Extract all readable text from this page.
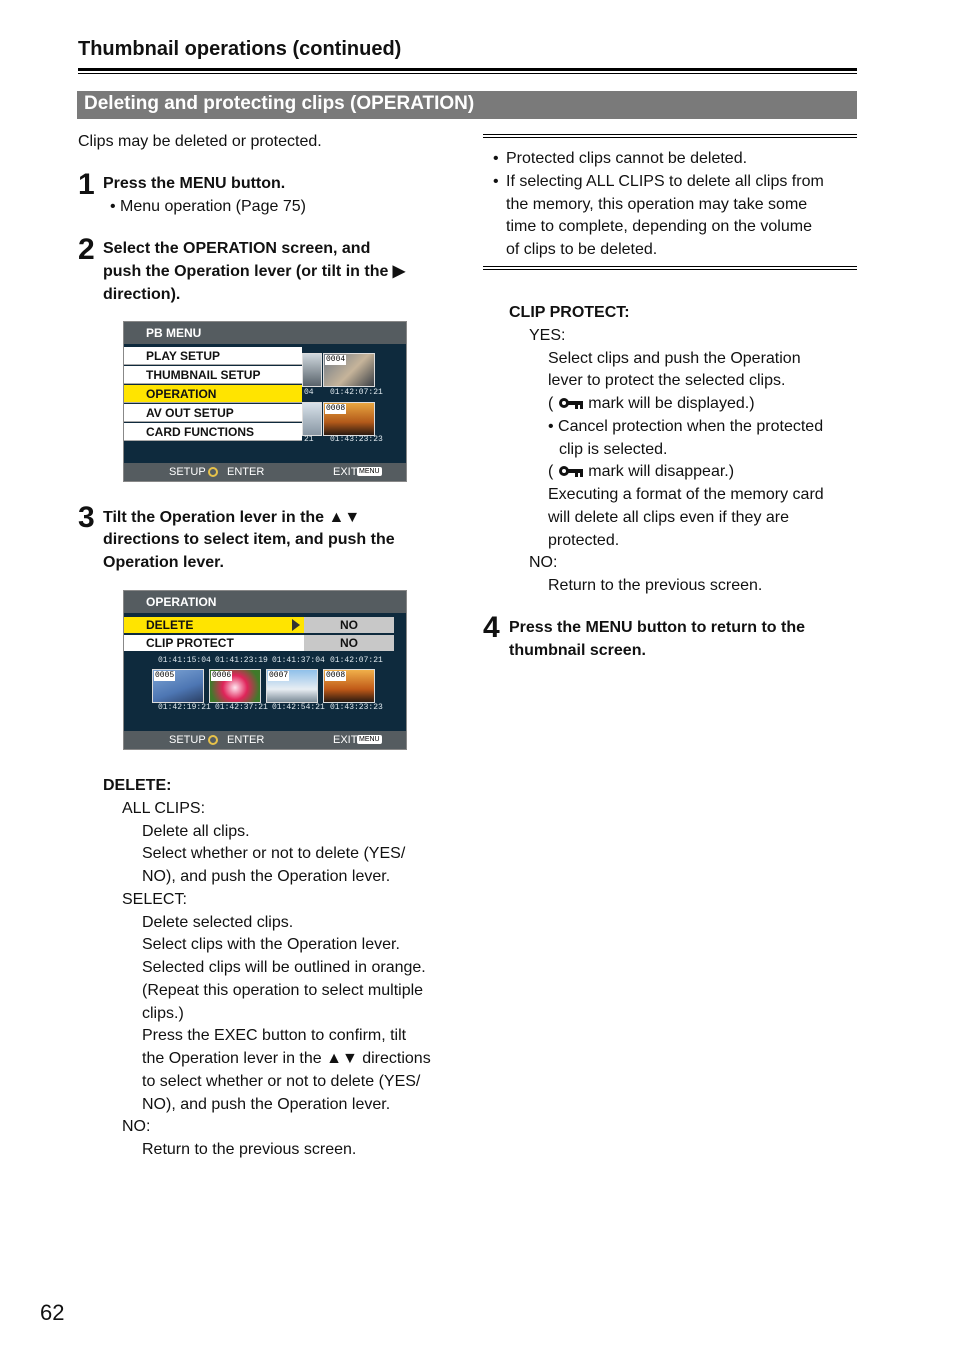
Thumbnail operations (continued)
Deleting and protecting clips (OPERATION)
Clips may be deleted or protected.
1 Press the MENU button.
• Menu operation (Page 75)
2 Select the OPERATION screen, and
push the Operation lever (or tilt in the ▶
direction).
PB MENU
0004
0008
04 01:42:07:21
21 01:43:23:23
PLAY SETUP
THUMBNAIL SETUP
OPERATION
AV OUT SETUP
CARD FUNCTIONS
SETUP ENTER	EXIT MENU
3 Tilt the Operation lever in the ▲▼
directions to select item, and push the
Operation lever.
OPERATION
DELETE	NO
CLIP PROTECT	NO
01:41:15:04 01:41:23:19 01:41:37:04 01:42:07:21
0005	0006	0007	0008
01:42:19:21 01:42:37:21 01:42:54:21 01:43:23:23
SETUP ENTER	EXIT MENU
DELETE:
ALL CLIPS:
Delete all clips.
Select whether or not to delete (YES/
NO), and push the Operation lever.
SELECT:
Delete selected clips.
Select clips with the Operation lever.
Selected clips will be outlined in orange.
(Repeat this operation to select multiple
clips.)
Press the EXEC button to confirm, tilt
the Operation lever in the ▲▼ directions
to select whether or not to delete (YES/
NO), and push the Operation lever.
NO:
Return to the previous screen.
• Protected clips cannot be deleted.
• If selecting ALL CLIPS to delete all clips from
the memory, this operation may take some
time to complete, depending on the volume
of clips to be deleted.
CLIP PROTECT:
YES:
Select clips and push the Operation
lever to protect the selected clips.
( mark will be displayed.)
• Cancel protection when the protected
clip is selected.
( mark will disappear.)
Executing a format of the memory card
will delete all clips even if they are
protected.
NO:
Return to the previous screen.
4 Press the MENU button to return to the
thumbnail screen.
62
